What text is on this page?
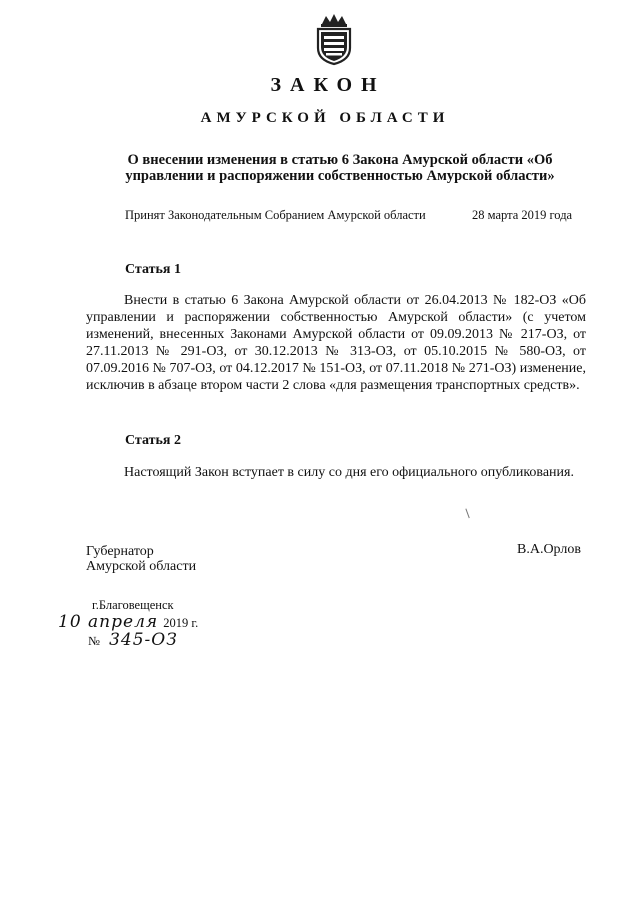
ЗАКОН
АМУРСКОЙ ОБЛАСТИ
О внесении изменения в статью 6 Закона Амурской области «Об управлении и распоряжении собственностью Амурской области»
Принят Законодательным Собранием Амурской области	28 марта 2019 года
Статья 1
Внести в статью 6 Закона Амурской области от 26.04.2013 № 182-ОЗ «Об управлении и распоряжении собственностью Амурской области» (с учетом изменений, внесенных Законами Амурской области от 09.09.2013 № 217-ОЗ, от 27.11.2013 № 291-ОЗ, от 30.12.2013 № 313-ОЗ, от 05.10.2015 № 580-ОЗ, от 07.09.2016 № 707-ОЗ, от 04.12.2017 № 151-ОЗ, от 07.11.2018 № 271-ОЗ) изменение, исключив в абзаце втором части 2 слова «для размещения транспортных средств».
Статья 2
Настоящий Закон вступает в силу со дня его официального опубликования.
Губернатор
Амурской области
В.А.Орлов
г.Благовещенск
10 апреля 2019 г.
№ 345-ОЗ
